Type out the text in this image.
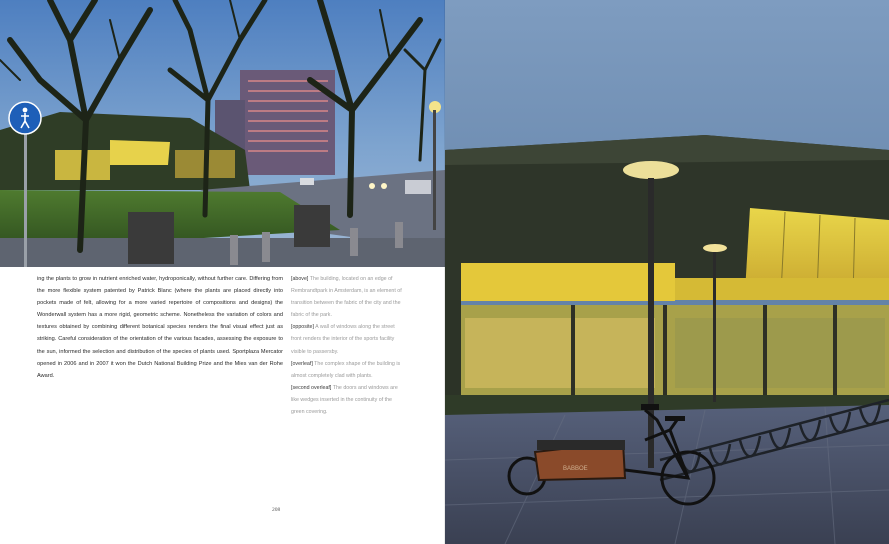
ing the plants to grow in nutrient enriched water, hydroponically, without further care. Differing from the more flexible system patented by Patrick Blanc (where the plants are placed directly into pockets made of felt, allowing for a more varied repertoire of compositions and designs) the Wonderwall system has a more rigid, geometric scheme. Nonetheless the variation of colors and textures obtained by combining different botanical species renders the final visual effect just as striking. Careful consideration of the orientation of the various facades, assessing the exposure to the sun, informed the selection and distribution of the species of plants used. Sportplaza Mercator opened in 2006 and in 2007 it won the Dutch National Building Prize and the Mies van der Rohe Award.

[above] The building, located on an edge of Rembrandtpark in Amsterdam, is an element of transition between the fabric of the city and the fabric of the park.
[opposite] A wall of windows along the street front renders the interior of the sports facility visible to passersby.
[overleaf] The complex shape of the building is almost completely clad with plants.
[second overleaf] The doors and windows are like wedges inserted in the continuity of the green covering.

208
BABBOE
